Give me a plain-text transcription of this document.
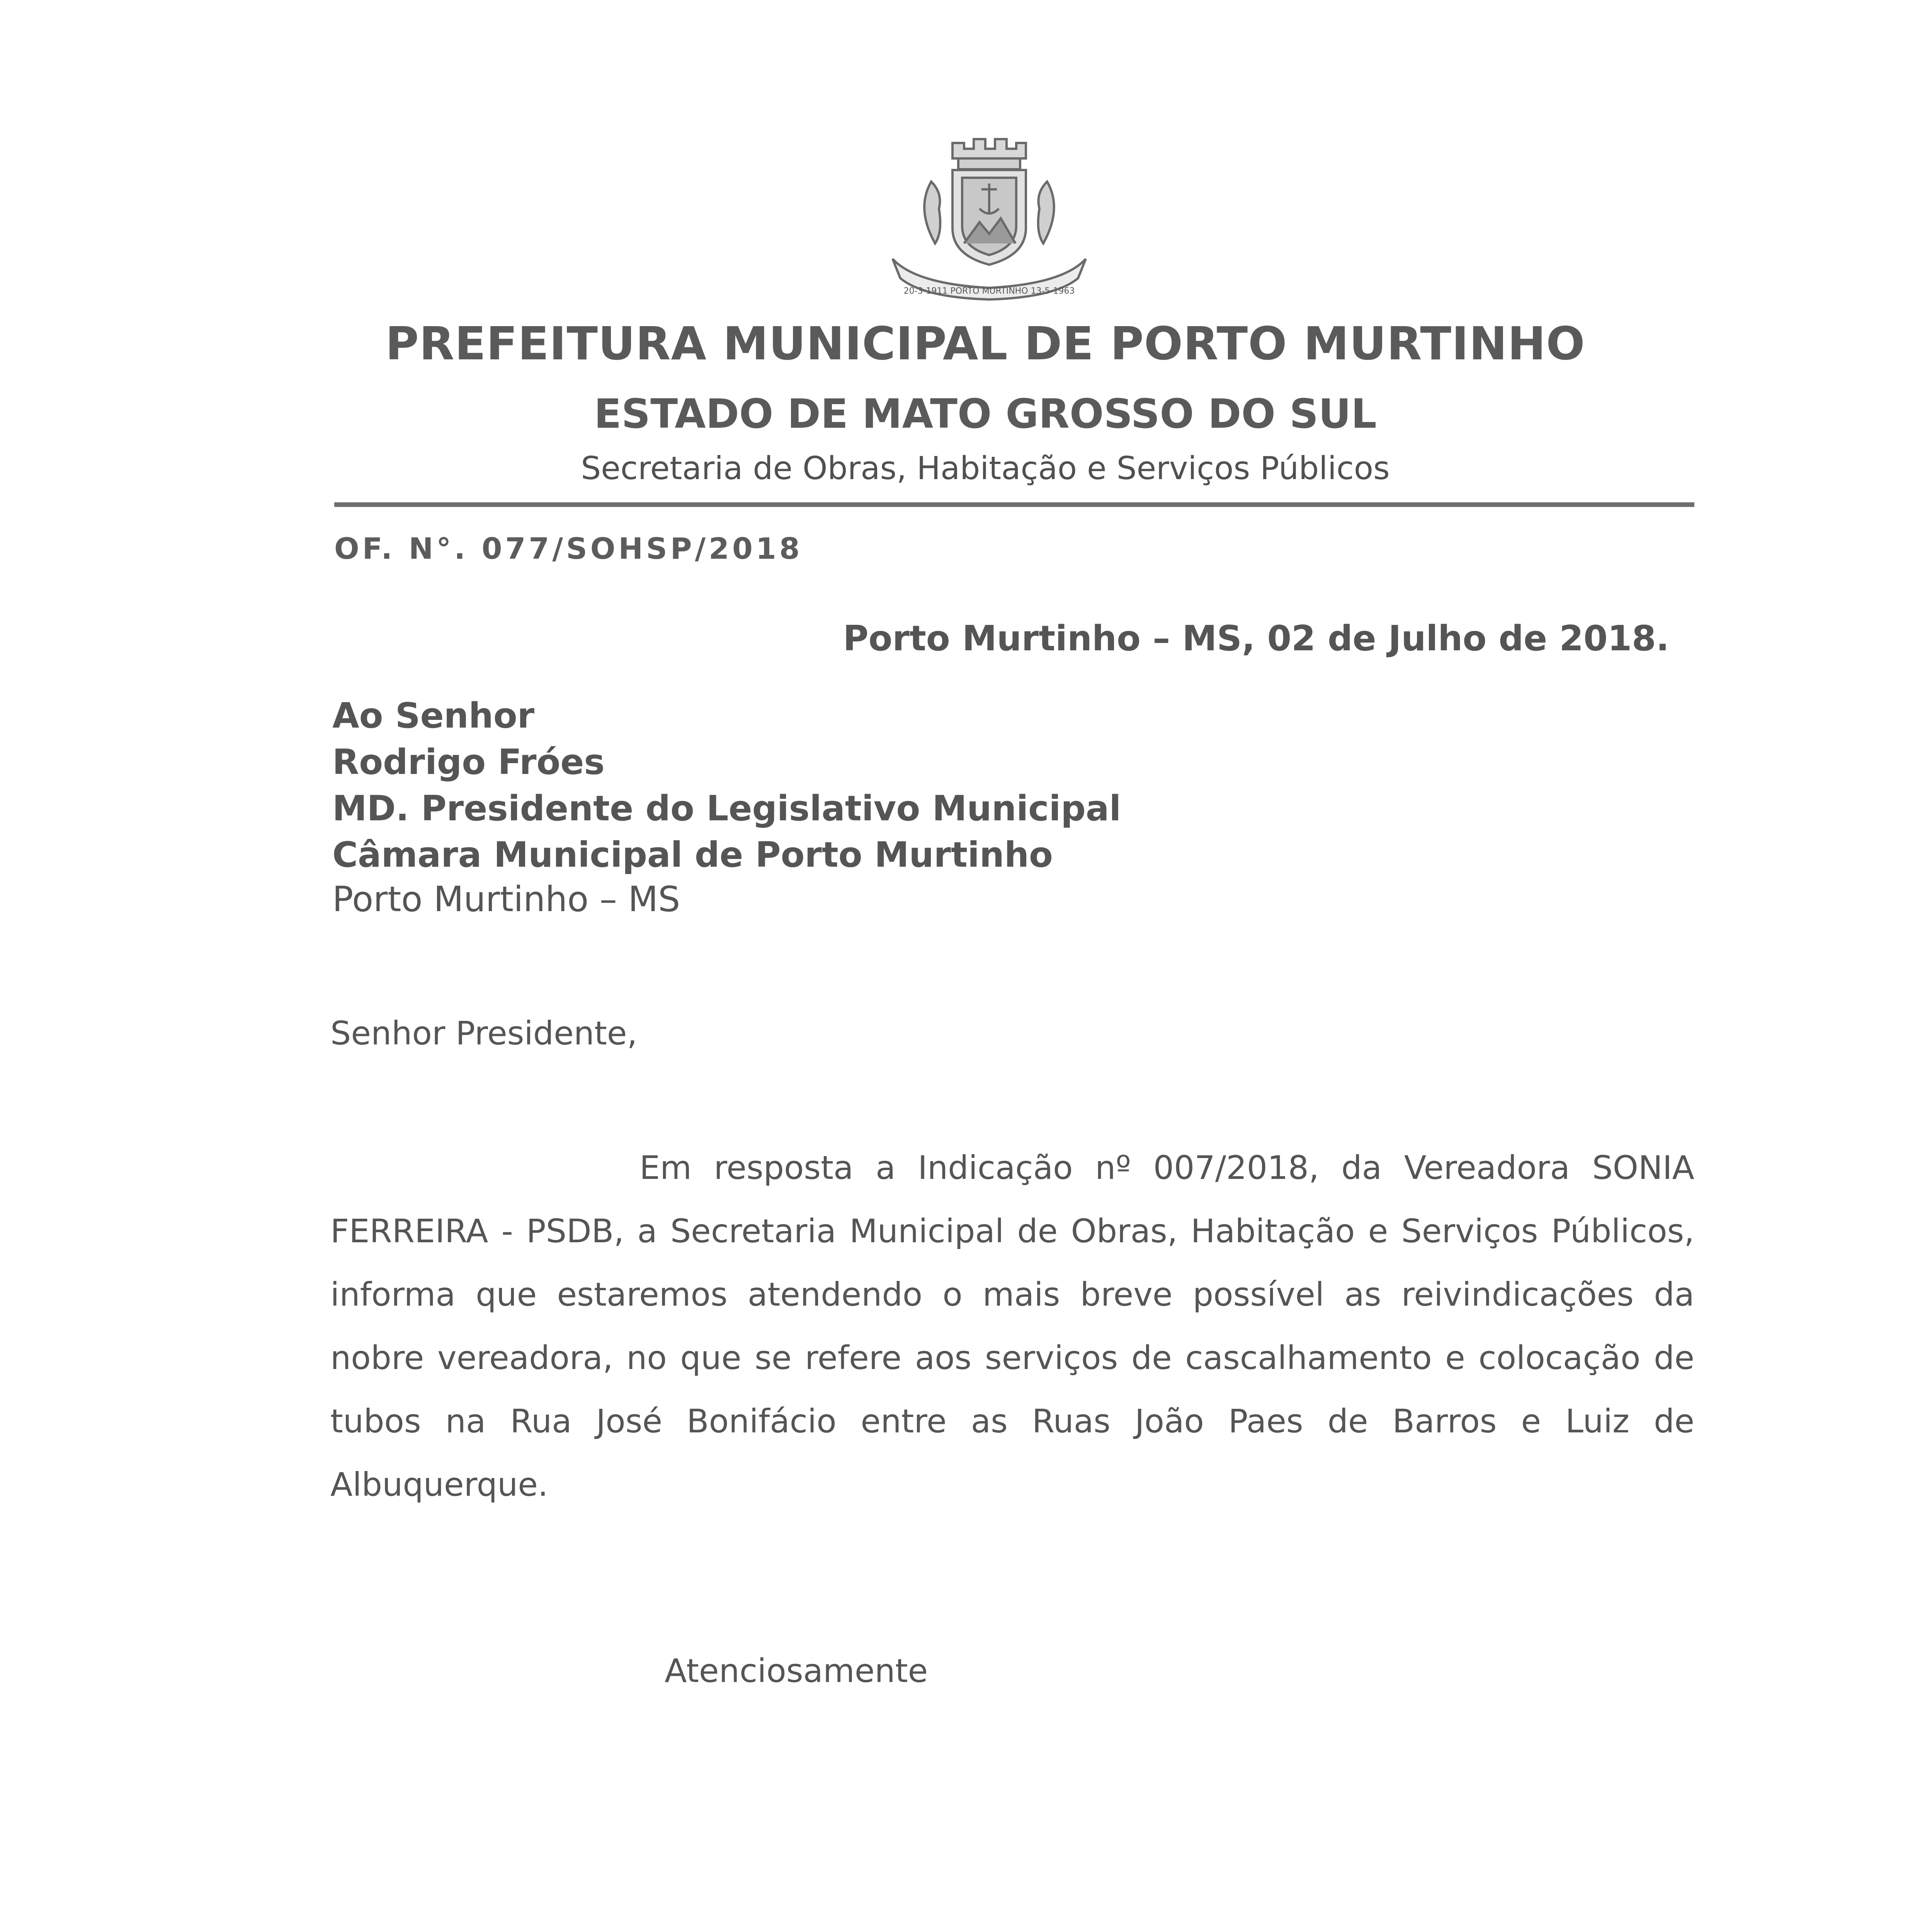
20-3-1911 PORTO MURTINHO 13-5-1963
PREFEITURA MUNICIPAL DE PORTO MURTINHO
ESTADO DE MATO GROSSO DO SUL
Secretaria de Obras, Habitação e Serviços Públicos
OF. N°. 077/SOHSP/2018
Porto Murtinho – MS, 02 de Julho de 2018.
Ao Senhor
Rodrigo Fróes
MD. Presidente do Legislativo Municipal
Câmara Municipal de Porto Murtinho
Porto Murtinho – MS
Senhor Presidente,

Em resposta a Indicação nº 007/2018, da Vereadora SONIA FERREIRA - PSDB, a Secretaria Municipal de Obras, Habitação e Serviços Públicos, informa que estaremos atendendo o mais breve possível as reivindicações da nobre vereadora, no que se refere aos serviços de cascalhamento e colocação de tubos na Rua José Bonifácio entre as Ruas João Paes de Barros e Luiz de Albuquerque.

Atenciosamente
